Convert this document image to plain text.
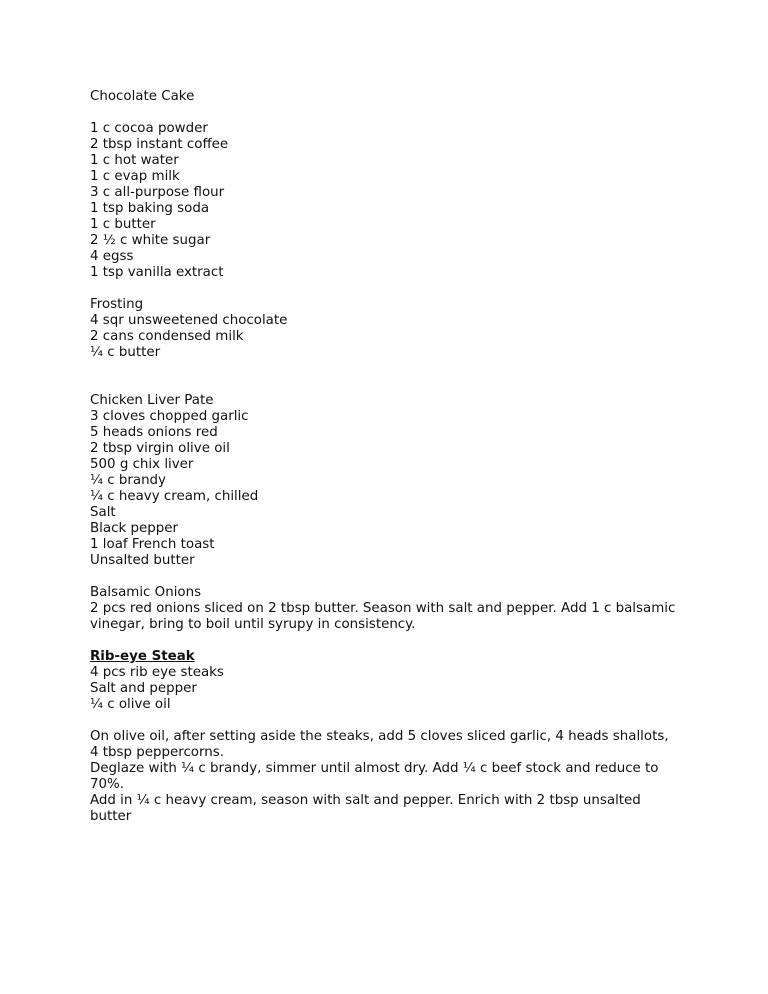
Chocolate Cake
1 c cocoa powder
2 tbsp instant coffee
1 c hot water
1 c evap milk
3 c all-purpose flour
1 tsp baking soda
1 c butter
2 ½ c white sugar
4 egss
1 tsp vanilla extract
Frosting
4 sqr unsweetened chocolate
2 cans condensed milk
¼ c butter
Chicken Liver Pate
3 cloves chopped garlic
5 heads onions red
2 tbsp virgin olive oil
500 g chix liver
¼ c brandy
¼ c heavy cream, chilled
Salt
Black pepper
1 loaf French toast
Unsalted butter
Balsamic Onions
2 pcs red onions sliced on 2 tbsp butter. Season with salt and pepper. Add 1 c balsamic vinegar, bring to boil until syrupy in consistency.
Rib-eye Steak
4 pcs rib eye steaks
Salt and pepper
¼ c olive oil
On olive oil, after setting aside the steaks, add 5 cloves sliced garlic, 4 heads shallots, 4 tbsp peppercorns.
Deglaze with ¼ c brandy, simmer until almost dry. Add ¼ c beef stock and reduce to 70%.
Add in ¼ c heavy cream, season with salt and pepper. Enrich with 2 tbsp unsalted butter
